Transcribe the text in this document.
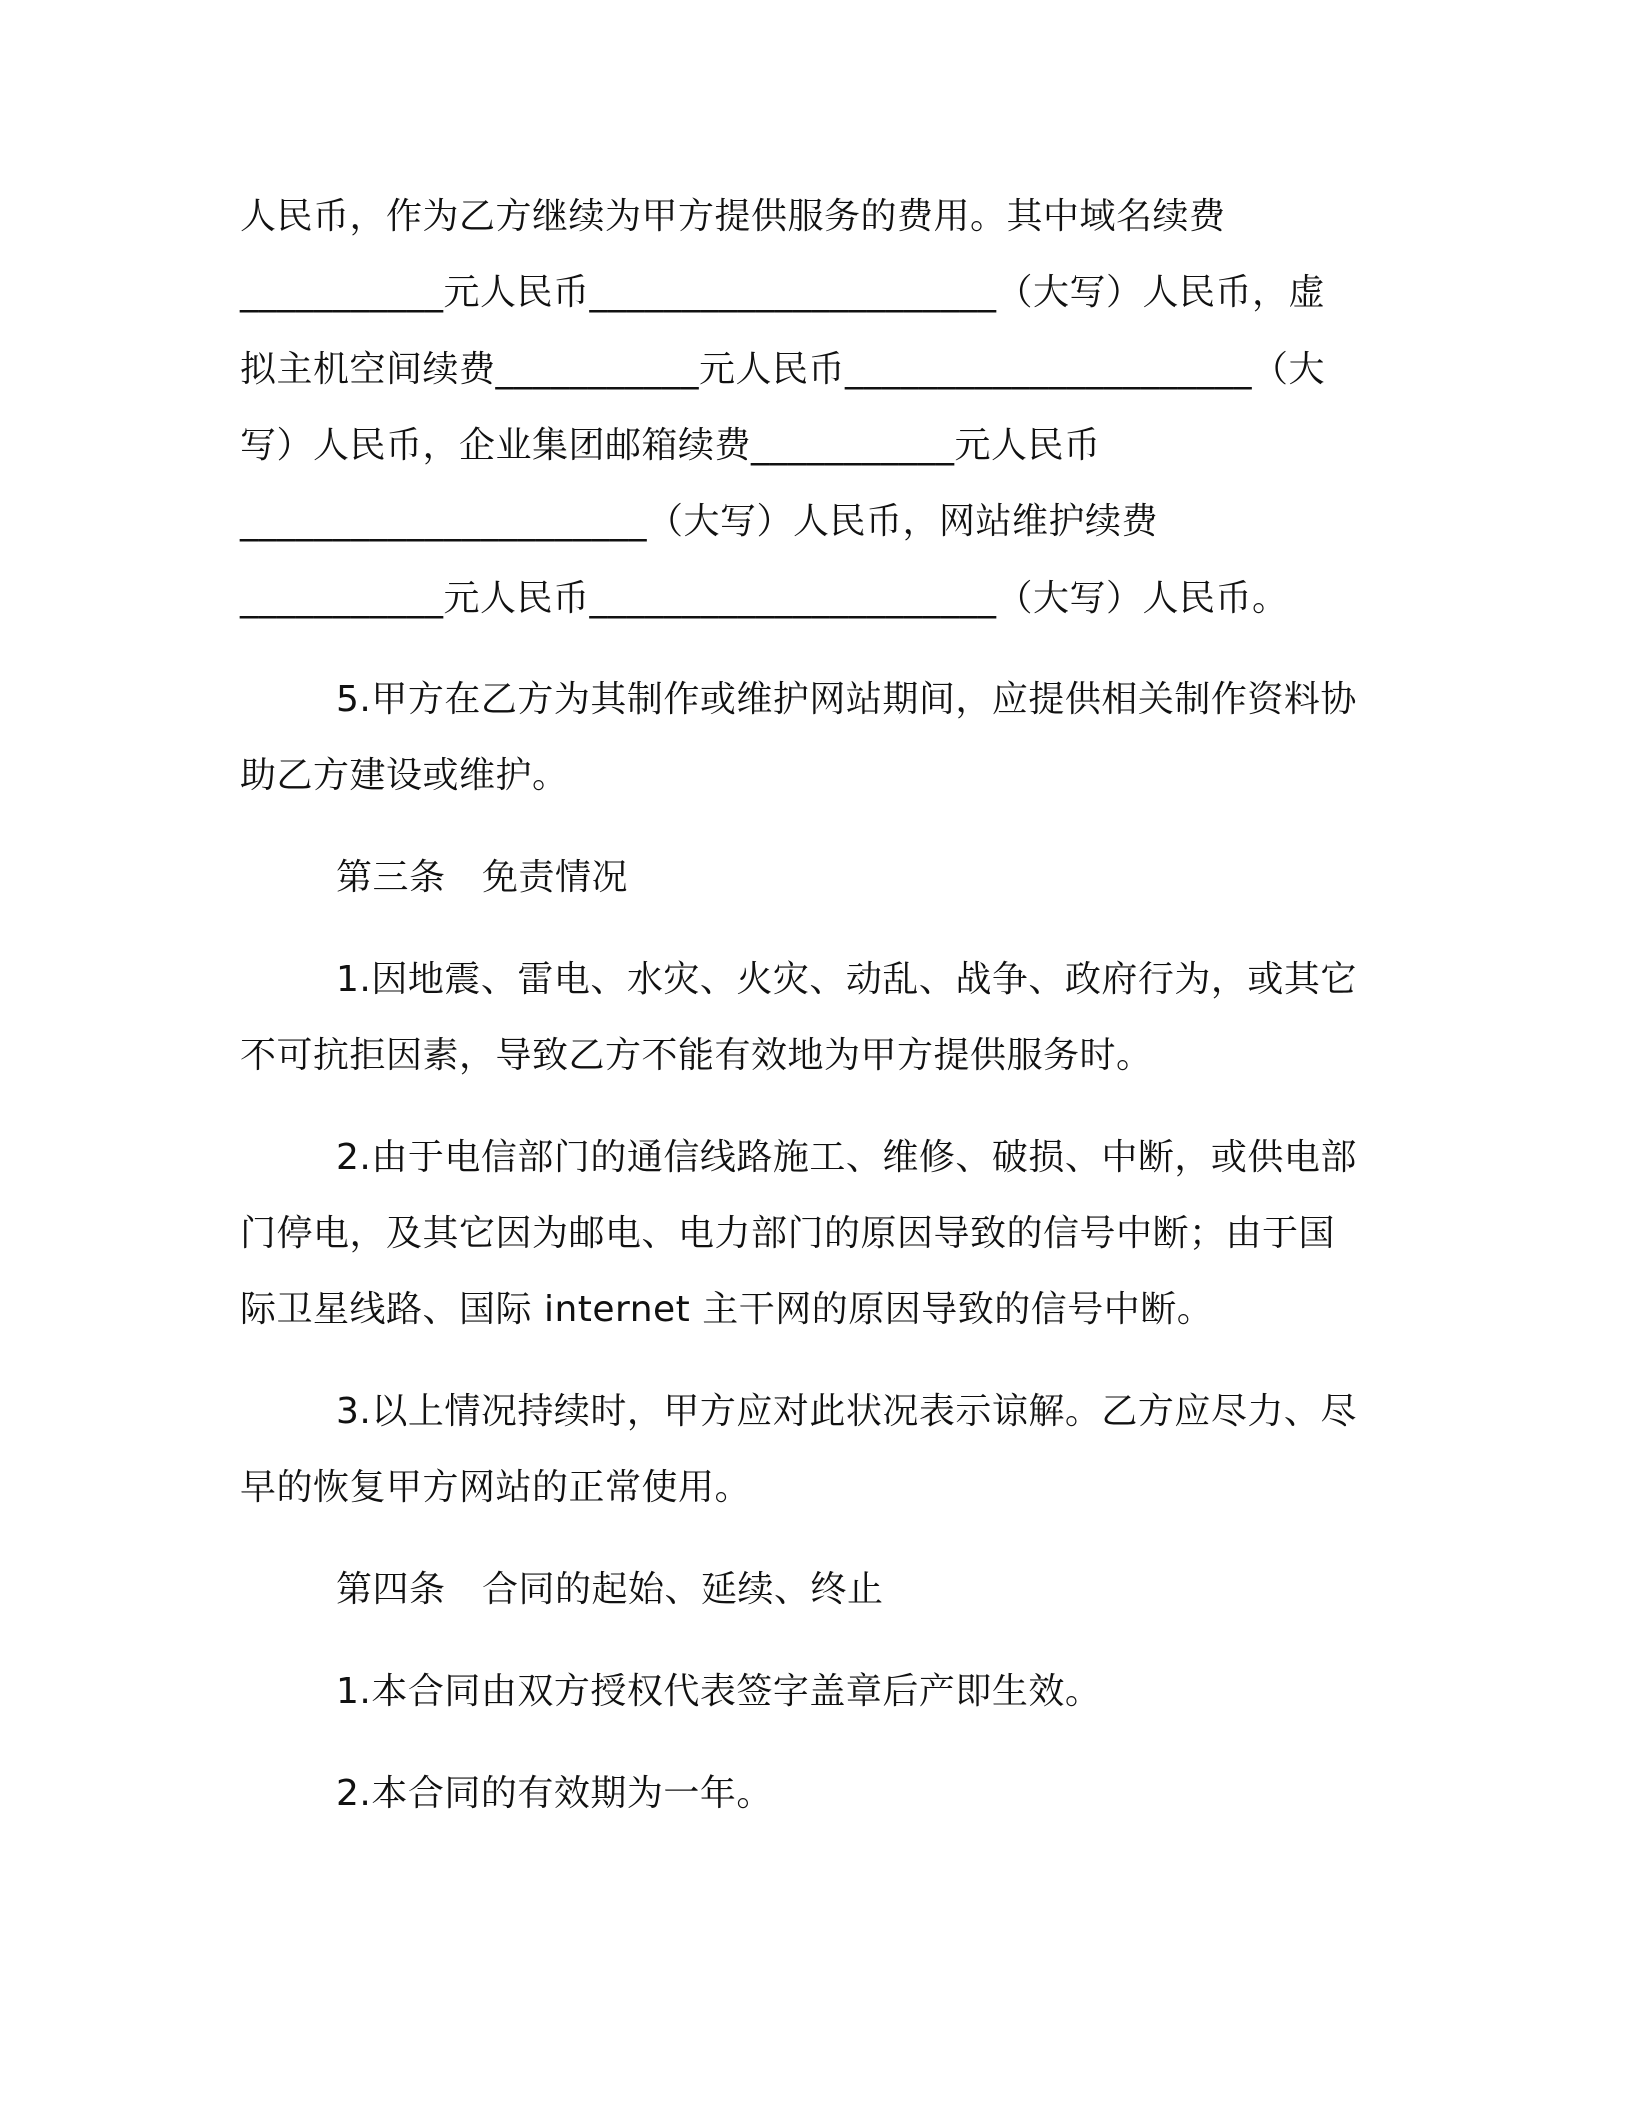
人民币，作为乙方继续为甲方提供服务的费用。其中域名续费
___________元人民币______________________（大写）人民币，虚
拟主机空间续费___________元人民币______________________（大
写）人民币，企业集团邮箱续费___________元人民币
______________________（大写）人民币，网站维护续费
___________元人民币______________________（大写）人民币。
5.甲方在乙方为其制作或维护网站期间，应提供相关制作资料协
助乙方建设或维护。
第三条　免责情况
1.因地震、雷电、水灾、火灾、动乱、战争、政府行为，或其它
不可抗拒因素，导致乙方不能有效地为甲方提供服务时。
2.由于电信部门的通信线路施工、维修、破损、中断，或供电部
门停电，及其它因为邮电、电力部门的原因导致的信号中断；由于国
际卫星线路、国际 internet 主干网的原因导致的信号中断。
3.以上情况持续时，甲方应对此状况表示谅解。乙方应尽力、尽
早的恢复甲方网站的正常使用。
第四条　合同的起始、延续、终止
1.本合同由双方授权代表签字盖章后产即生效。
2.本合同的有效期为一年。
